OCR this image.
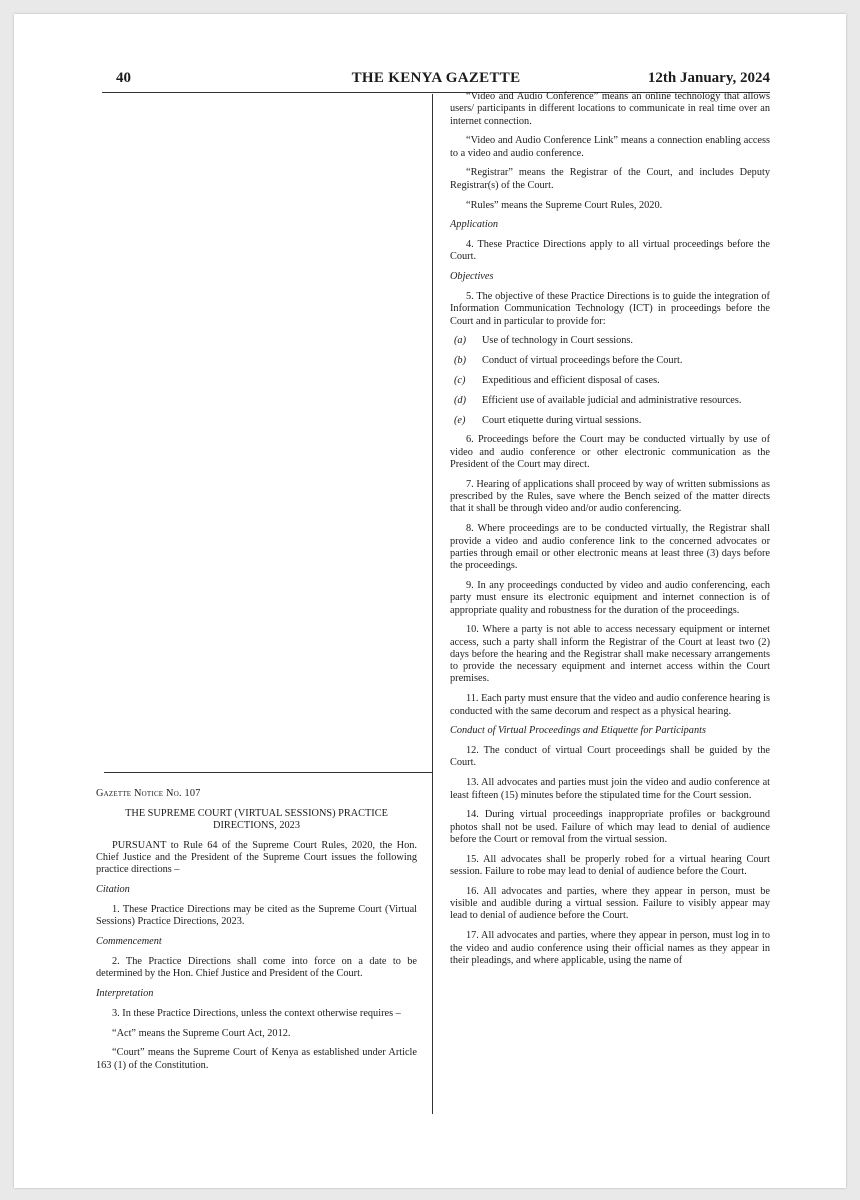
40	THE KENYA GAZETTE	12th January, 2024

Gazette Notice No. 107

THE SUPREME COURT (VIRTUAL SESSIONS) PRACTICE DIRECTIONS, 2023

PURSUANT to Rule 64 of the Supreme Court Rules, 2020, the Hon. Chief Justice and the President of the Supreme Court issues the following practice directions –

Citation

1. These Practice Directions may be cited as the Supreme Court (Virtual Sessions) Practice Directions, 2023.

Commencement

2. The Practice Directions shall come into force on a date to be determined by the Hon. Chief Justice and President of the Court.

Interpretation

3. In these Practice Directions, unless the context otherwise requires –

“Act” means the Supreme Court Act, 2012.

“Court” means the Supreme Court of Kenya as established under Article 163 (1) of the Constitution.

“Video and Audio Conference” means an online technology that allows users/ participants in different locations to communicate in real time over an internet connection.

“Video and Audio Conference Link” means a connection enabling access to a video and audio conference.

“Registrar” means the Registrar of the Court, and includes Deputy Registrar(s) of the Court.

“Rules” means the Supreme Court Rules, 2020.

Application

4. These Practice Directions apply to all virtual proceedings before the Court.

Objectives

5. The objective of these Practice Directions is to guide the integration of Information Communication Technology (ICT) in proceedings before the Court and in particular to provide for:

(a)	Use of technology in Court sessions.
(b)	Conduct of virtual proceedings before the Court.
(c)	Expeditious and efficient disposal of cases.
(d)	Efficient use of available judicial and administrative resources.
(e)	Court etiquette during virtual sessions.

6. Proceedings before the Court may be conducted virtually by use of video and audio conference or other electronic communication as the President of the Court may direct.

7. Hearing of applications shall proceed by way of written submissions as prescribed by the Rules, save where the Bench seized of the matter directs that it shall be through video and/or audio conferencing.

8. Where proceedings are to be conducted virtually, the Registrar shall provide a video and audio conference link to the concerned advocates or parties through email or other electronic means at least three (3) days before the proceedings.

9. In any proceedings conducted by video and audio conferencing, each party must ensure its electronic equipment and internet connection is of appropriate quality and robustness for the duration of the proceedings.

10. Where a party is not able to access necessary equipment or internet access, such a party shall inform the Registrar of the Court at least two (2) days before the hearing and the Registrar shall make necessary arrangements to provide the necessary equipment and internet access within the Court premises.

11. Each party must ensure that the video and audio conference hearing is conducted with the same decorum and respect as a physical hearing.

Conduct of Virtual Proceedings and Etiquette for Participants

12. The conduct of virtual Court proceedings shall be guided by the Court.

13. All advocates and parties must join the video and audio conference at least fifteen (15) minutes before the stipulated time for the Court session.

14. During virtual proceedings inappropriate profiles or background photos shall not be used. Failure of which may lead to denial of audience before the Court or removal from the virtual session.

15. All advocates shall be properly robed for a virtual hearing Court session. Failure to robe may lead to denial of audience before the Court.

16. All advocates and parties, where they appear in person, must be visible and audible during a virtual session. Failure to visibly appear may lead to denial of audience before the Court.

17. All advocates and parties, where they appear in person, must log in to the video and audio conference using their official names as they appear in their pleadings, and where applicable, using the name of
